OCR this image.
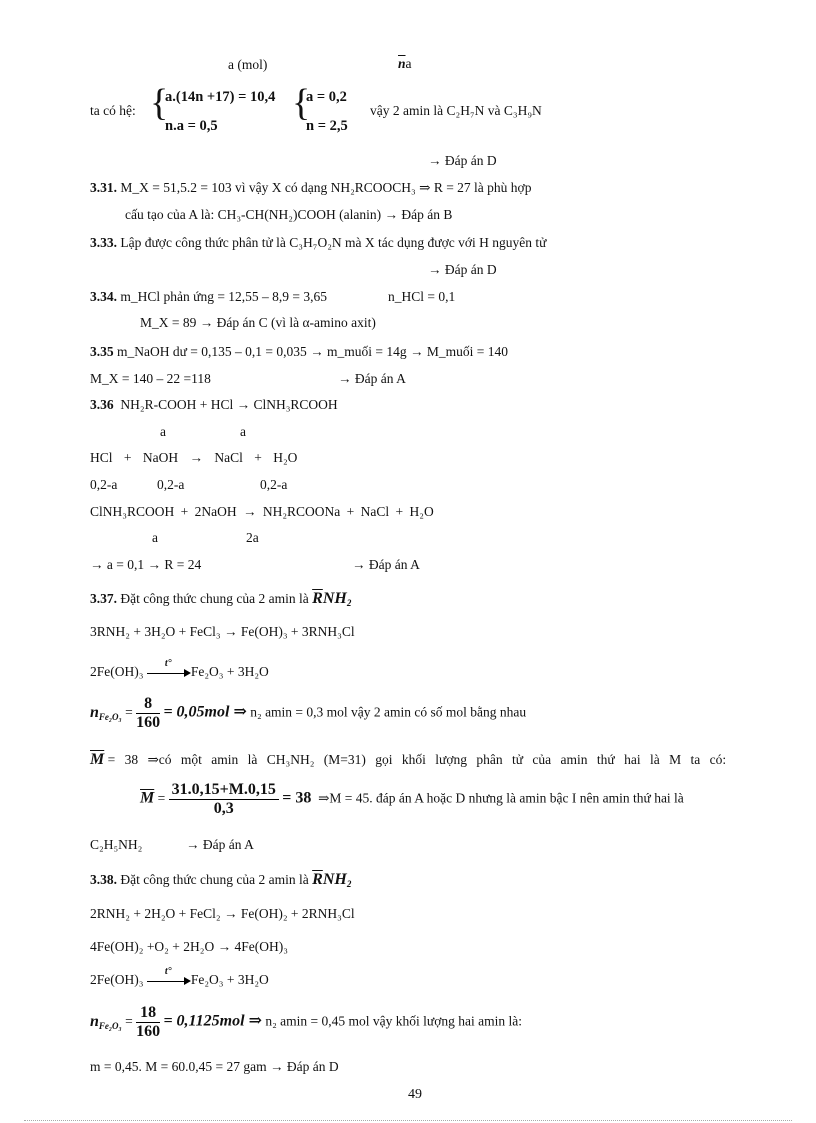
a (mol)	$\overline{n}a$
ta có hệ: {
a.(14n +17) = 10,4
n.a = 0,5
{
a = 0,2
n = 2,5
vậy 2 amin là C₂H₇N và C₃H₉N
→ Đáp án D
3.31. M_X = 51,5.2 = 103 vì vậy X có dạng NH₂RCOOCH₃ ⇒ R = 27 là phù hợp
cấu tạo của A là: CH₃-CH(NH₂)COOH (alanin) → Đáp án B
3.33. Lập được công thức phân tử là C₃H₇O₂N mà X tác dụng được với H nguyên tử
→ Đáp án D
3.34. m_HCl phản ứng = 12,55 – 8,9 = 3,65	n_HCl = 0,1
M_X = 89 → Đáp án C (vì là α-amino axit)
3.35 m_NaOH dư = 0,135 – 0,1 = 0,035 → m_muối = 14g → M_muối = 140
M_X = 140 – 22 =118	→ Đáp án A
3.36 NH₂R-COOH + HCl → ClNH₃RCOOH
a	a
HCl + NaOH → NaCl + H₂O
0,2-a	0,2-a	0,2-a
ClNH₃RCOOH + 2NaOH → NH₂RCOONa + NaCl + H₂O
a	2a
→ a = 0,1 → R = 24	→ Đáp án A
3.37. Đặt công thức chung của 2 amin là $\overline{R}NH_2$
3RNH₂ + 3H₂O + FeCl₃ → Fe(OH)₃ + 3RNH₃Cl
2Fe(OH)₃
t°
Fe₂O₃ + 3H₂O
$n_{Fe_2O_3} = \frac{8}{160} = 0,05mol$ ⇒ n₂ amin = 0,3 mol vậy 2 amin có số mol bằng nhau
$\overline{M} = 38$ ⇒có một amin là CH₃NH₂ (M=31) gọi khối lượng phân tử của amin thứ hai là M ta có:
$\overline{M} = \frac{31.0,15+M.0,15}{0,3} = 38$ ⇒M = 45. đáp án A hoặc D nhưng là amin bậc I nên amin thứ hai là
C₂H₅NH₂	→ Đáp án A
3.38. Đặt công thức chung của 2 amin là $\overline{R}NH_2$
2RNH₂ + 2H₂O + FeCl₂ → Fe(OH)₂ + 2RNH₃Cl
4Fe(OH)₂ +O₂ + 2H₂O → 4Fe(OH)₃
2Fe(OH)₃
t°
Fe₂O₃ + 3H₂O
$n_{Fe_2O_3} = \frac{18}{160} = 0,1125mol$ ⇒ n₂ amin = 0,45 mol vậy khối lượng hai amin là:
m = 0,45. M = 60.0,45 = 27 gam → Đáp án D
49
